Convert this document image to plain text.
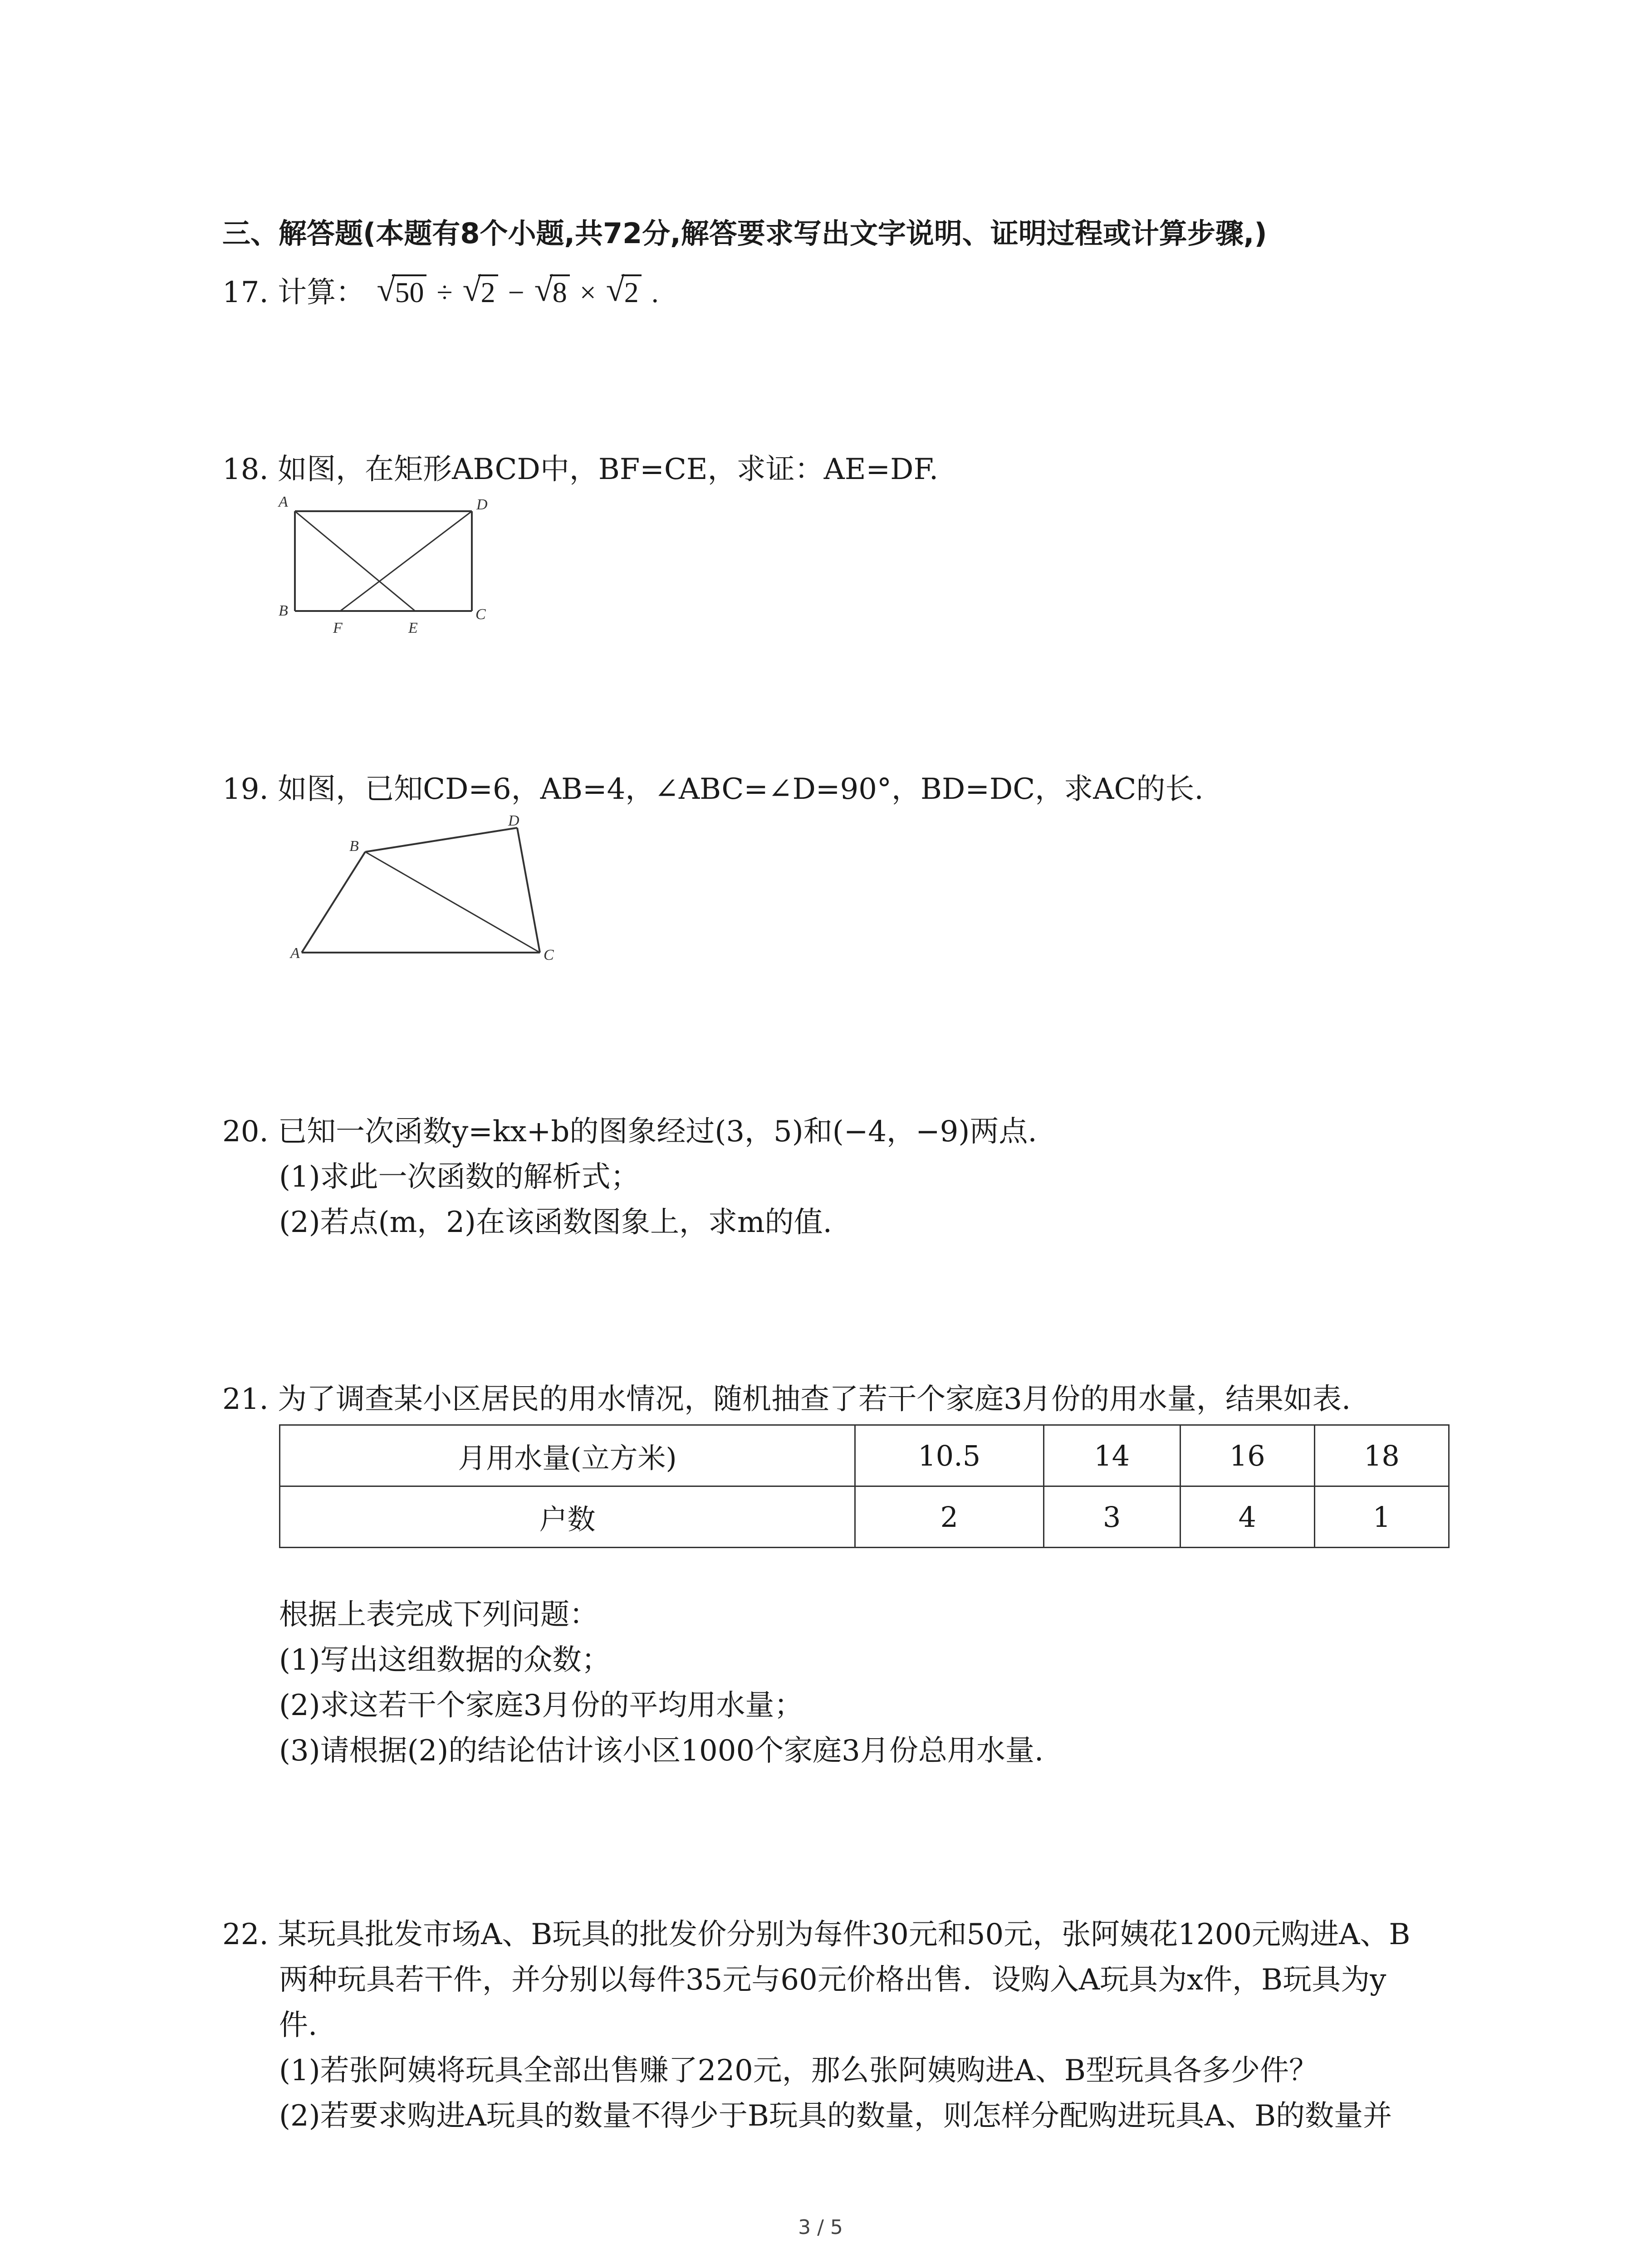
三、解答题(本题有8个小题,共72分,解答要求写出文字说明、证明过程或计算步骤,)
17. 计算： √ 50 ÷ √ 2 − √ 8 × √ 2 .
18. 如图，在矩形ABCD中，BF=CE，求证：AE=DF.
A	D
B
F	E
C
19. 如图，已知CD=6，AB=4，∠ABC=∠D=90°，BD=DC，求AC的长.
B
D
A	C
20. 已知一次函数y=kx+b的图象经过(3，5)和(−4，−9)两点.
(1)求此一次函数的解析式；
(2)若点(m，2)在该函数图象上，求m的值.
21. 为了调查某小区居民的用水情况，随机抽查了若干个家庭3月份的用水量，结果如表.
月用水量(立方米)	10.5	14	16	18
户数	2	3	4	1
根据上表完成下列问题：
(1)写出这组数据的众数；
(2)求这若干个家庭3月份的平均用水量；
(3)请根据(2)的结论估计该小区1000个家庭3月份总用水量.
22. 某玩具批发市场A、B玩具的批发价分别为每件30元和50元，张阿姨花1200元购进A、B
两种玩具若干件，并分别以每件35元与60元价格出售．设购入A玩具为x件，B玩具为y
件.
(1)若张阿姨将玩具全部出售赚了220元，那么张阿姨购进A、B型玩具各多少件？
(2)若要求购进A玩具的数量不得少于B玩具的数量，则怎样分配购进玩具A、B的数量并
3 / 5
